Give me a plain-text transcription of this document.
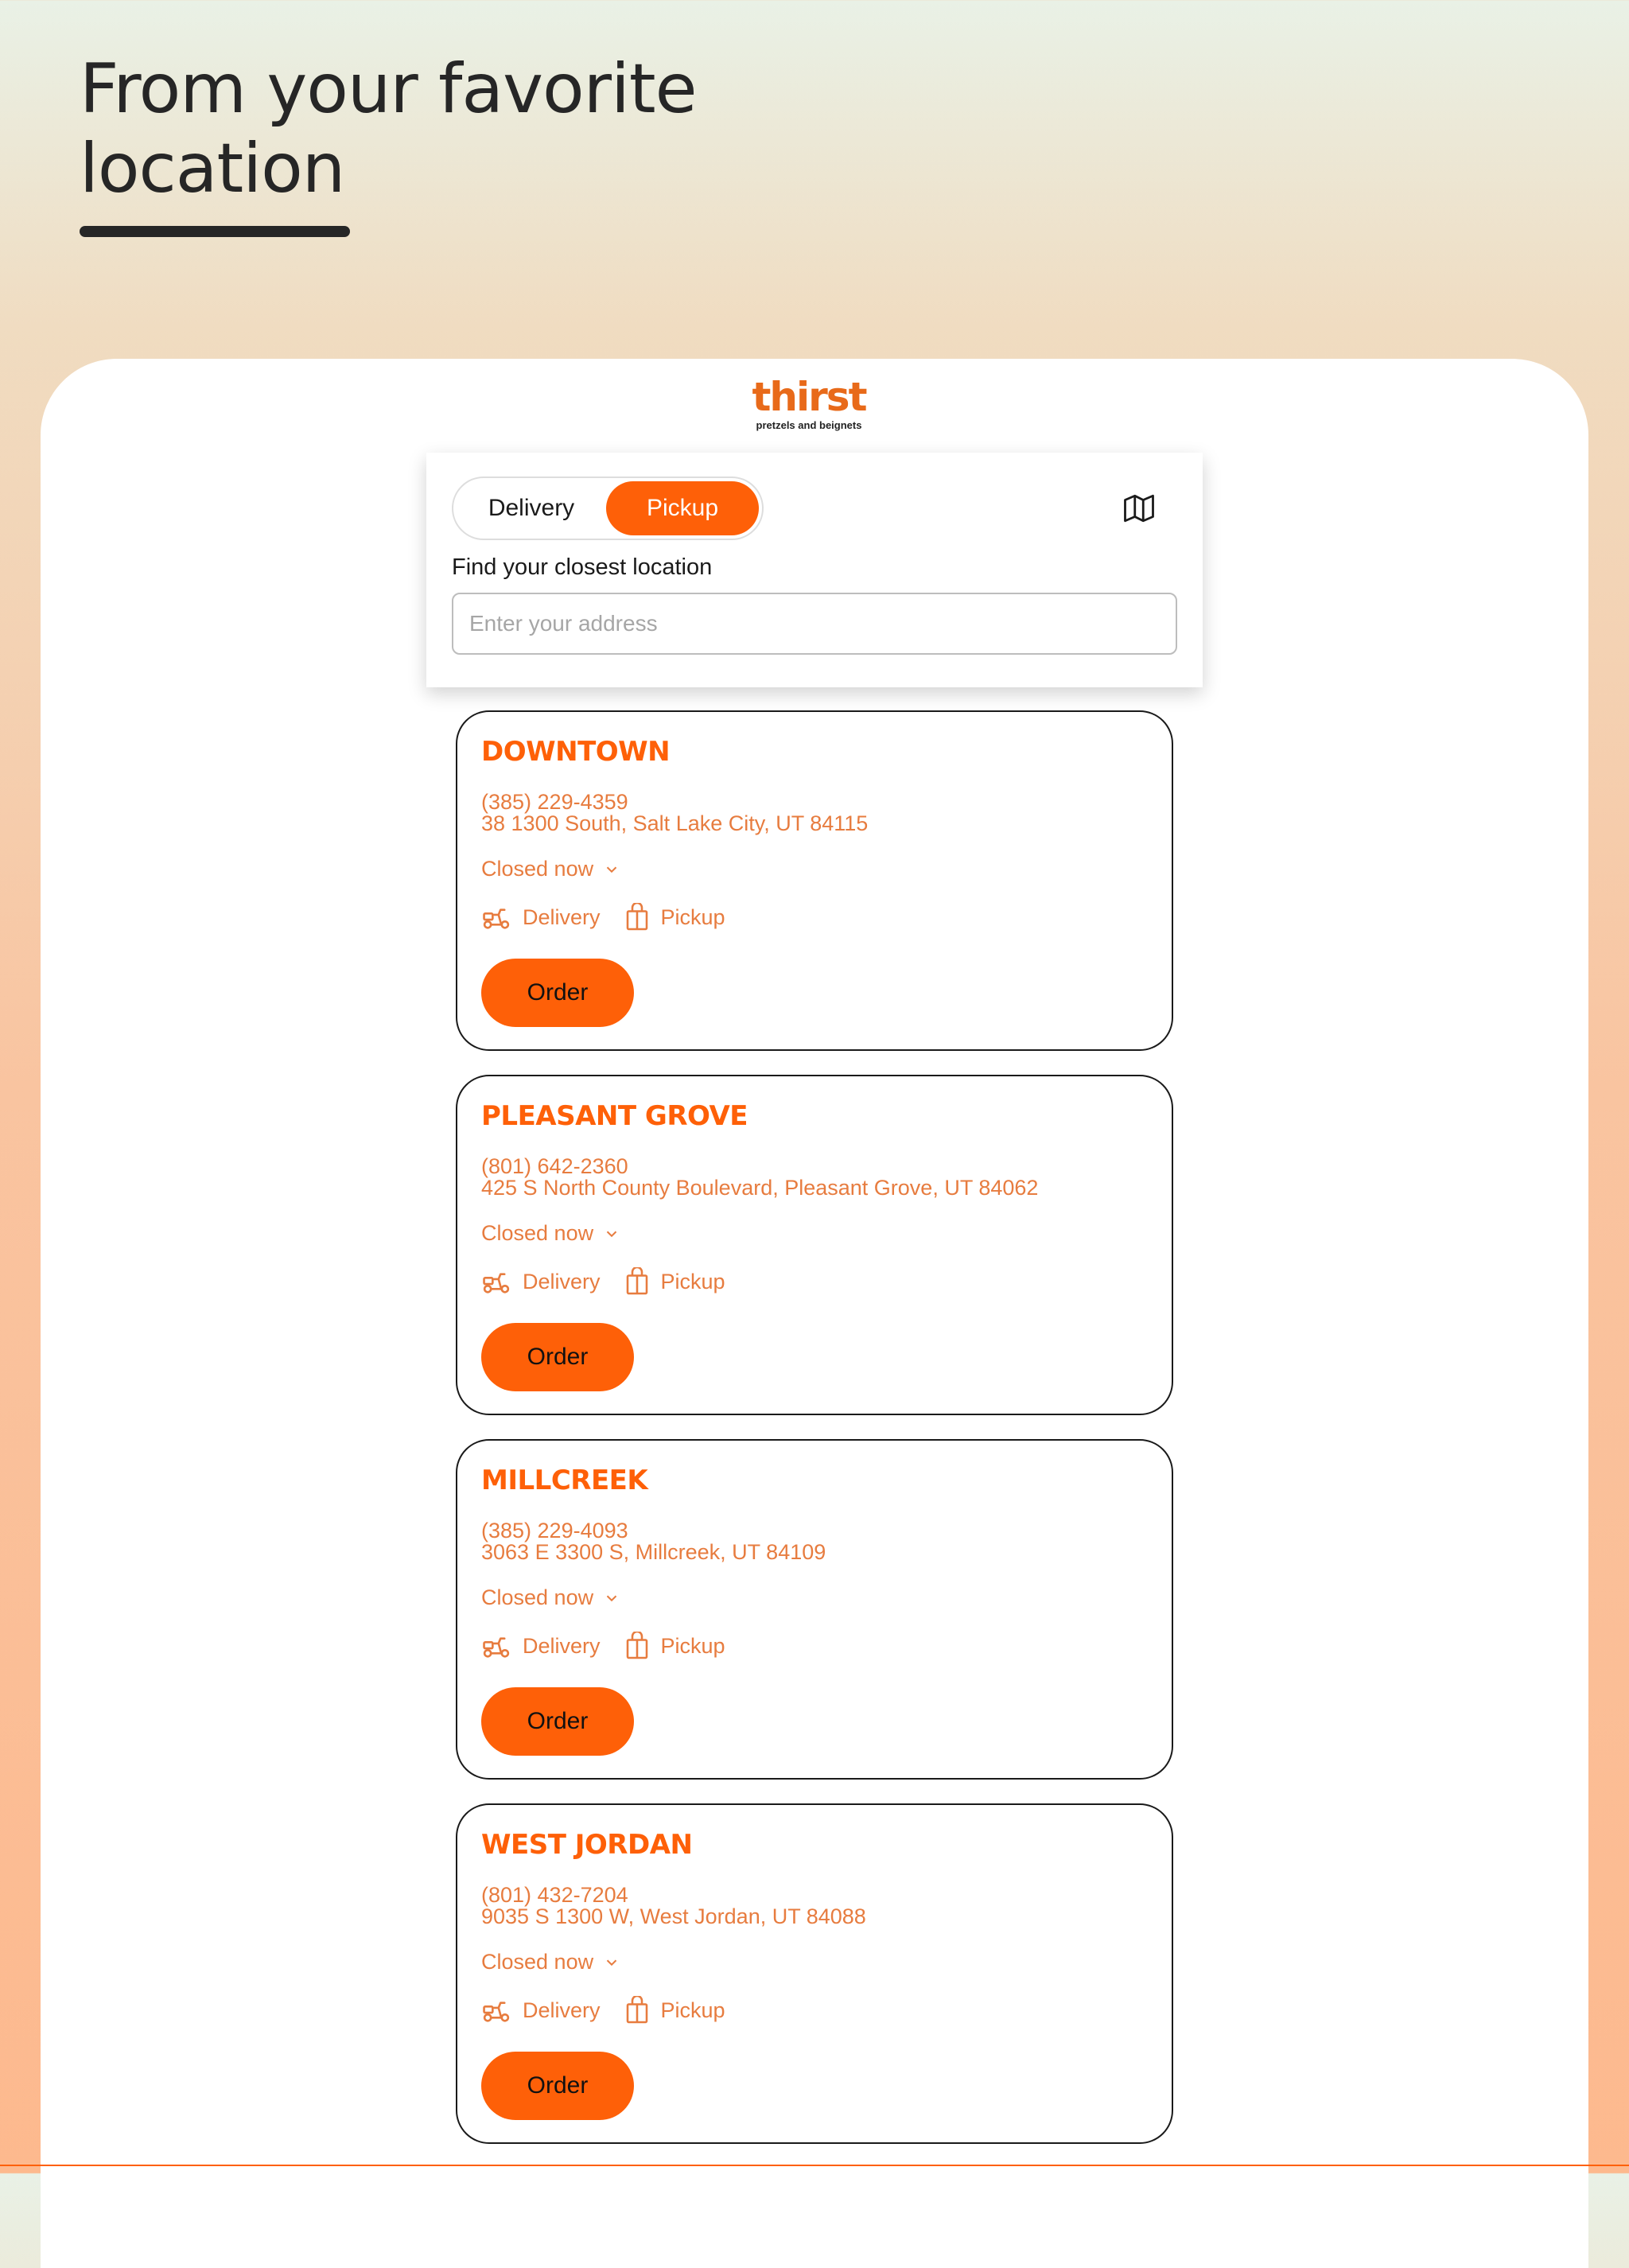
From your favorite
location
thirst
pretzels and beignets
Delivery	Pickup
Find your closest location
Enter your address
DOWNTOWN
(385) 229-4359
38 1300 South, Salt Lake City, UT 84115
Closed now
Delivery	Pickup
Order
PLEASANT GROVE
(801) 642-2360
425 S North County Boulevard, Pleasant Grove, UT 84062
Closed now
Delivery	Pickup
Order
MILLCREEK
(385) 229-4093
3063 E 3300 S, Millcreek, UT 84109
Closed now
Delivery	Pickup
Order
WEST JORDAN
(801) 432-7204
9035 S 1300 W, West Jordan, UT 84088
Closed now
Delivery	Pickup
Order
